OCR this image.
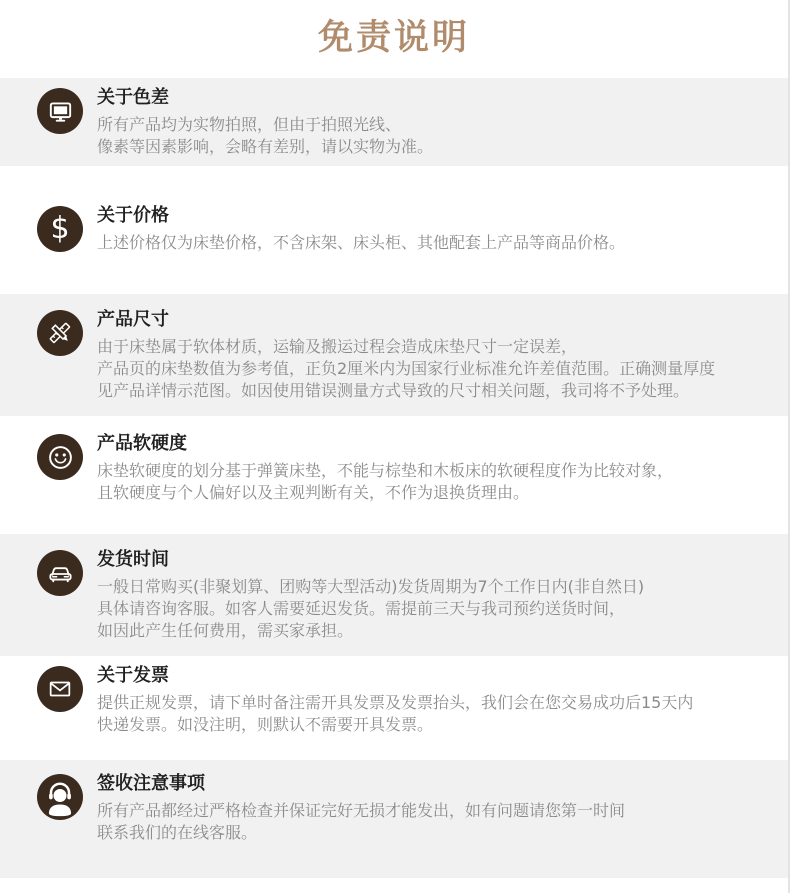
免责说明
关于色差
所有产品均为实物拍照，但由于拍照光线、
像素等因素影响，会略有差别，请以实物为准。
$ 关于价格
上述价格仅为床垫价格，不含床架、床头柜、其他配套上产品等商品价格。
产品尺寸
由于床垫属于软体材质，运输及搬运过程会造成床垫尺寸一定误差，
产品页的床垫数值为参考值，正负2厘米内为国家行业标准允许差值范围。正确测量厚度
见产品详情示范图。如因使用错误测量方式导致的尺寸相关问题，我司将不予处理。
产品软硬度
床垫软硬度的划分基于弹簧床垫，不能与棕垫和木板床的软硬程度作为比较对象，
且软硬度与个人偏好以及主观判断有关，不作为退换货理由。
发货时间
一般日常购买(非聚划算、团购等大型活动)发货周期为7个工作日内(非自然日)
具体请咨询客服。如客人需要延迟发货。需提前三天与我司预约送货时间，
如因此产生任何费用，需买家承担。
关于发票
提供正规发票，请下单时备注需开具发票及发票抬头，我们会在您交易成功后15天内
快递发票。如没注明，则默认不需要开具发票。
签收注意事项
所有产品都经过严格检查并保证完好无损才能发出，如有问题请您第一时间
联系我们的在线客服。
